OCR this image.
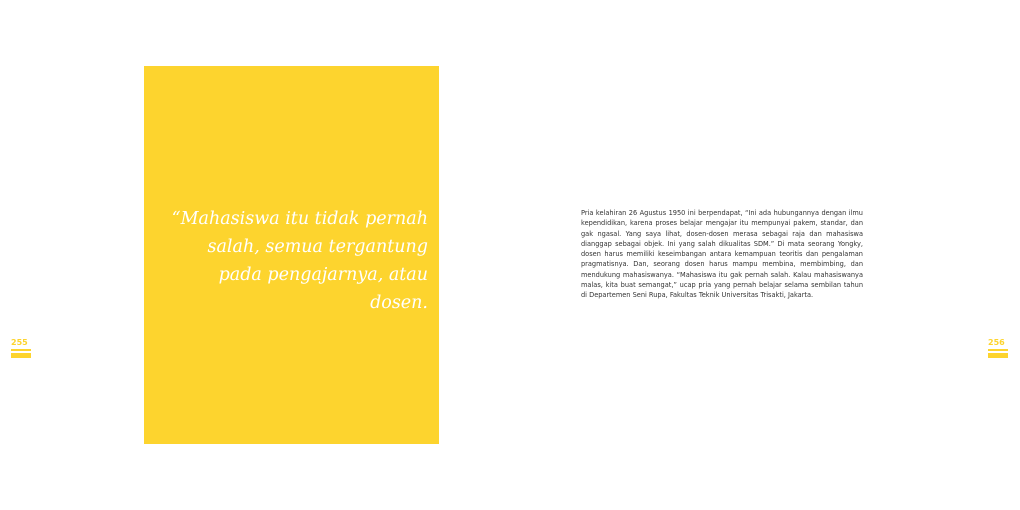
“Mahasiswa itu tidak pernah salah, semua tergantung pada pengajarnya, atau dosen.

Pria kelahiran 26 Agustus 1950 ini berpendapat, “Ini ada hubungannya dengan ilmu kependidikan, karena proses belajar mengajar itu mempunyai pakem, standar, dan gak ngasal. Yang saya lihat, dosen-dosen merasa sebagai raja dan mahasiswa dianggap sebagai objek. Ini yang salah dikualitas SDM.” Di mata seorang Yongky, dosen harus memiliki keseimbangan antara kemampuan teoritis dan pengalaman pragmatisnya. Dan, seorang dosen harus mampu membina, membimbing, dan mendukung mahasiswanya. “Mahasiswa itu gak pernah salah. Kalau mahasiswanya malas, kita buat semangat,” ucap pria yang pernah belajar selama sembilan tahun di Departemen Seni Rupa, Fakultas Teknik Universitas Trisakti, Jakarta.

255	256
